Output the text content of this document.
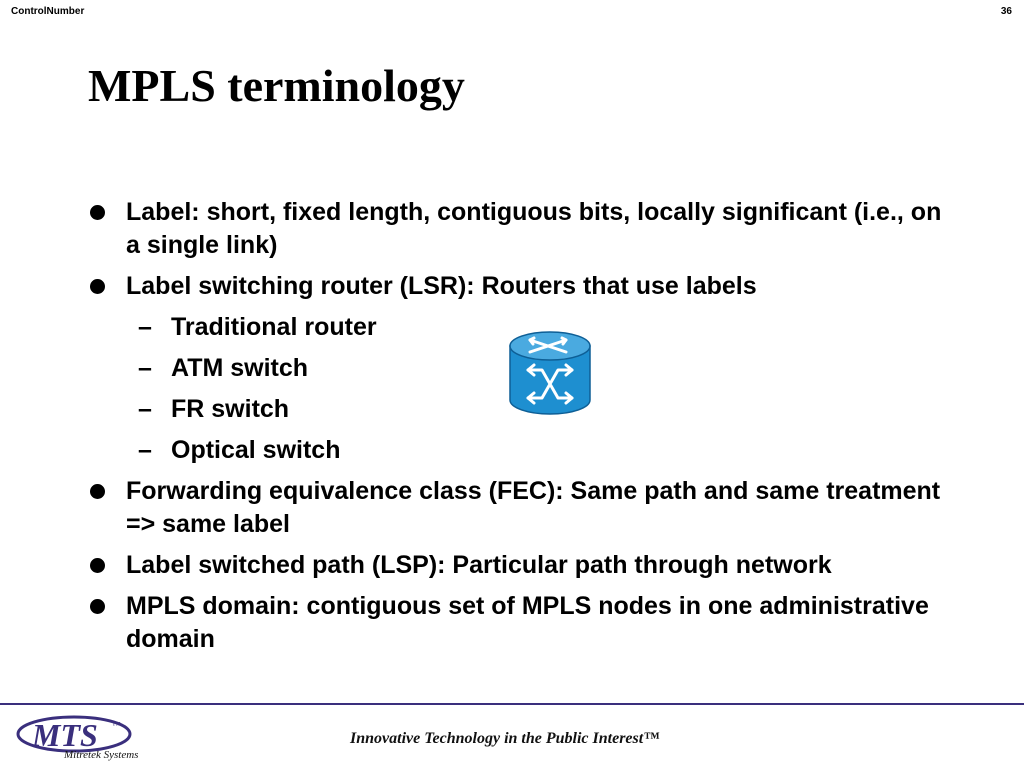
ControlNumber	36
MPLS terminology
Label: short, fixed length, contiguous bits, locally significant (i.e., on a single link)
Label switching router (LSR): Routers that use labels
– Traditional router
– ATM switch
– FR switch
– Optical switch
Forwarding equivalence class (FEC): Same path and same treatment => same label
Label switched path (LSP): Particular path through network
MPLS domain: contiguous set of MPLS nodes in one administrative domain
MTS ™
Mitretek Systems
Innovative Technology in the Public Interest™
